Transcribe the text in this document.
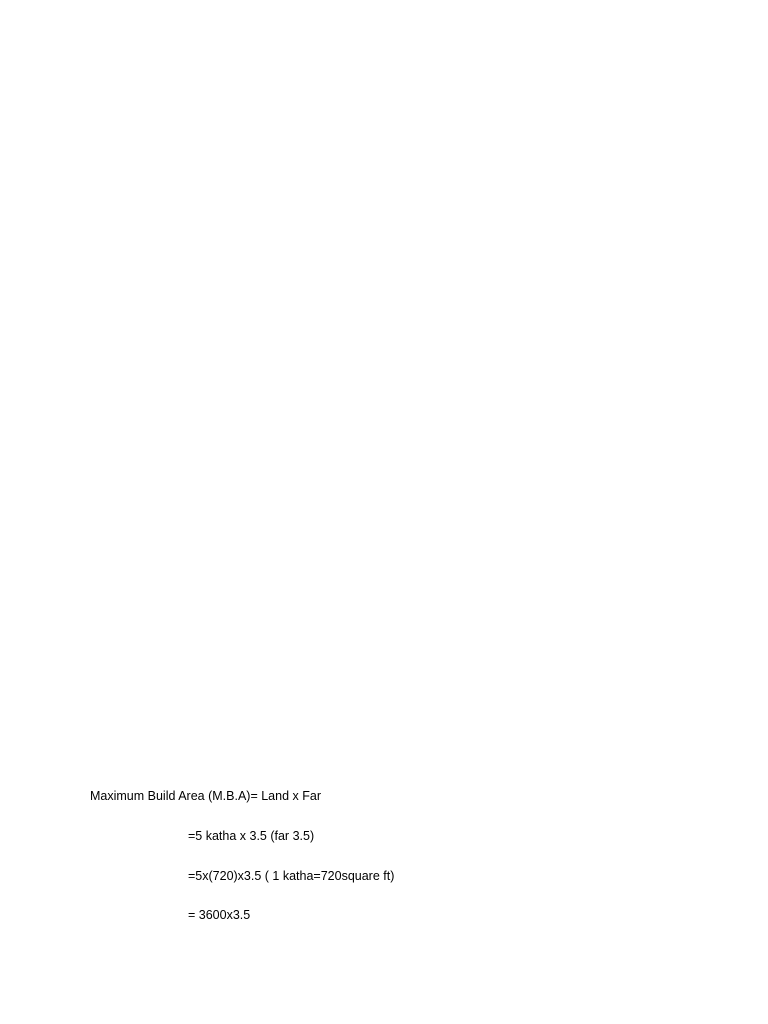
Maximum Build Area (M.B.A)= Land x Far
=5 katha x 3.5 (far 3.5)
=5x(720)x3.5 ( 1 katha=720square ft)
= 3600x3.5
